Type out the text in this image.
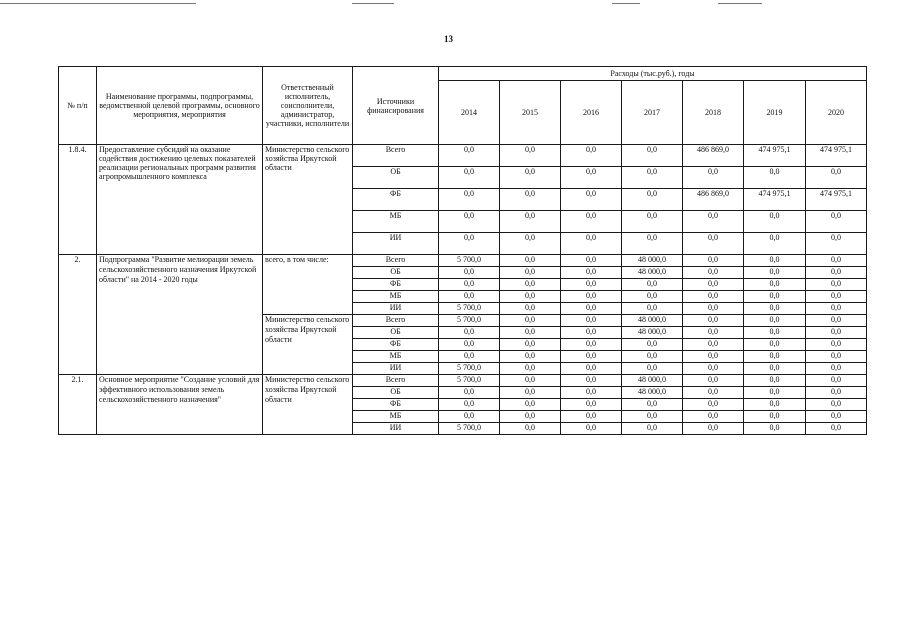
13
№ п/п	Наименование программы, подпрограммы, ведомственной целевой программы, основного мероприятия, мероприятия	Ответственный исполнитель, соисполнители, администратор, участники, исполнители	Источники финансирования	Расходы (тыс.руб.), годы						
				2014	2015	2016	2017	2018	2019	2020
1.8.4.	Предоставление субсидий на оказание содействия достижению целевых показателей реализации региональных программ развития агропромышленного комплекса	Министерство сельского хозяйства Иркутской области	Всего	0,0	0,0	0,0	0,0	486 869,0	474 975,1	474 975,1
			ОБ	0,0	0,0	0,0	0,0	0,0	0,0	0,0
			ФБ	0,0	0,0	0,0	0,0	486 869,0	474 975,1	474 975,1
			МБ	0,0	0,0	0,0	0,0	0,0	0,0	0,0
			ИИ	0,0	0,0	0,0	0,0	0,0	0,0	0,0
2.	Подпрограмма "Развитие мелиорации земель сельскохозяйственного назначения Иркутской области" на 2014 - 2020 годы	всего, в том числе:	Всего	5 700,0	0,0	0,0	48 000,0	0,0	0,0	0,0
			ОБ	0,0	0,0	0,0	48 000,0	0,0	0,0	0,0
			ФБ	0,0	0,0	0,0	0,0	0,0	0,0	0,0
			МБ	0,0	0,0	0,0	0,0	0,0	0,0	0,0
			ИИ	5 700,0	0,0	0,0	0,0	0,0	0,0	0,0
		Министерство сельского хозяйства Иркутской области	Всего	5 700,0	0,0	0,0	48 000,0	0,0	0,0	0,0
			ОБ	0,0	0,0	0,0	48 000,0	0,0	0,0	0,0
			ФБ	0,0	0,0	0,0	0,0	0,0	0,0	0,0
			МБ	0,0	0,0	0,0	0,0	0,0	0,0	0,0
			ИИ	5 700,0	0,0	0,0	0,0	0,0	0,0	0,0
2.1.	Основное мероприятие "Создание условий для эффективного использования земель сельскохозяйственного назначения"	Министерство сельского хозяйства Иркутской области	Всего	5 700,0	0,0	0,0	48 000,0	0,0	0,0	0,0
			ОБ	0,0	0,0	0,0	48 000,0	0,0	0,0	0,0
			ФБ	0,0	0,0	0,0	0,0	0,0	0,0	0,0
			МБ	0,0	0,0	0,0	0,0	0,0	0,0	0,0
			ИИ	5 700,0	0,0	0,0	0,0	0,0	0,0	0,0
